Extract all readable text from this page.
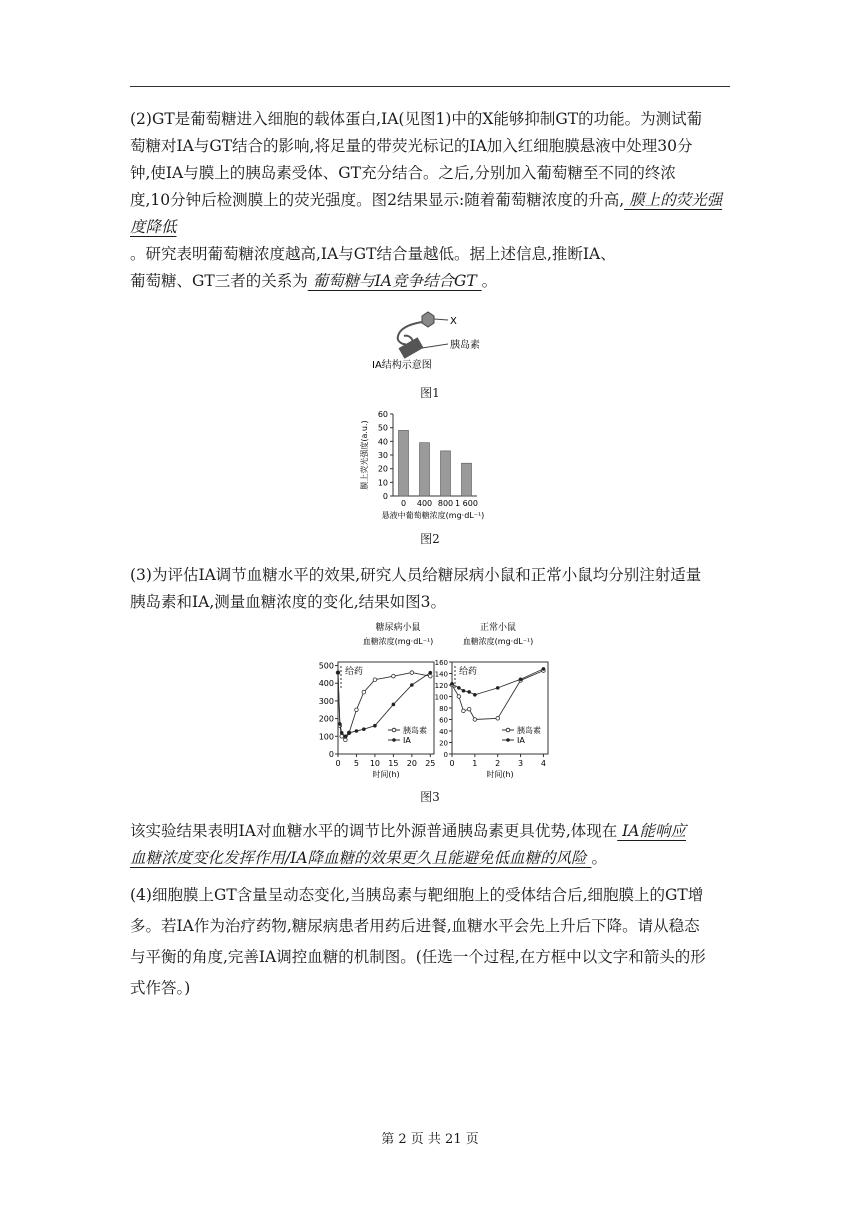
(2)GT是葡萄糖进入细胞的载体蛋白,IA(见图1)中的X能够抑制GT的功能。为测试葡
萄糖对IA与GT结合的影响,将足量的带荧光标记的IA加入红细胞膜悬液中处理30分
钟,使IA与膜上的胰岛素受体、GT充分结合。之后,分别加入葡萄糖至不同的终浓
度,10分钟后检测膜上的荧光强度。图2结果显示:随着葡萄糖浓度的升高, 膜上的荧光强度降低
。研究表明葡萄糖浓度越高,IA与GT结合量越低。据上述信息,推断IA、
葡萄糖、GT三者的关系为 葡萄糖与IA竞争结合GT 。
X
胰岛素
IA结构示意图
图1
0
10
20
30
40
50
60
0 400 800 1 600
膜上荧光强度(a.u.)
悬液中葡萄糖浓度(mg·dL⁻¹)
图2
(3)为评估IA调节血糖水平的效果,研究人员给糖尿病小鼠和正常小鼠均分别注射适量
胰岛素和IA,测量血糖浓度的变化,结果如图3。
糖尿病小鼠
血糖浓度(mg·dL⁻¹)
0
100
200
300
400
500
0 5 10 15 20 25
时间(h)
给药
胰岛素
IA
正常小鼠
血糖浓度(mg·dL⁻¹)
0
20
40
60
80
100
120
140
160
0 1 2 3 4
时间(h)
给药
胰岛素
IA
图3
该实验结果表明IA对血糖水平的调节比外源普通胰岛素更具优势,体现在 IA能响应
血糖浓度变化发挥作用/IA降血糖的效果更久且能避免低血糖的风险 。
(4)细胞膜上GT含量呈动态变化,当胰岛素与靶细胞上的受体结合后,细胞膜上的GT增
多。若IA作为治疗药物,糖尿病患者用药后进餐,血糖水平会先上升后下降。请从稳态
与平衡的角度,完善IA调控血糖的机制图。(任选一个过程,在方框中以文字和箭头的形
式作答。)
第 2 页 共 21 页
